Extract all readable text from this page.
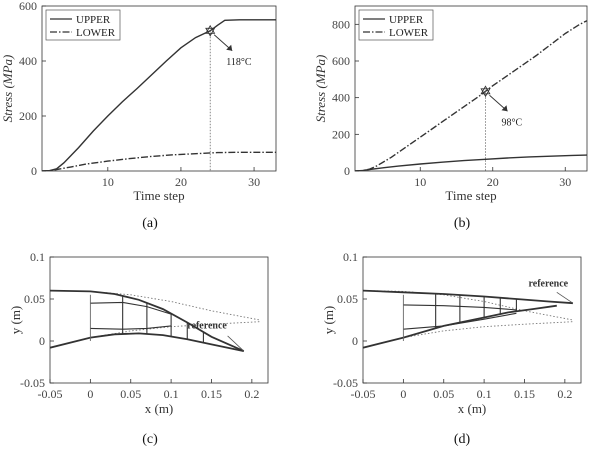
0
200
400
600
10	20	30
Time step
Stress (MPa)
(a)
118°C
UPPER
LOWER
0
200
400
600
800
10	20	30
Time step
Stress (MPa)
(b)
98°C
UPPER
LOWER
-0.05
0
0.05
0.1
-0.05 0 0.05 0.1 0.15 0.2
x (m)
y (m)
(c)
reference
-0.05
0
0.05
0.1
-0.05 0 0.05 0.1 0.15 0.2
x (m)
y (m)
(d)
reference
